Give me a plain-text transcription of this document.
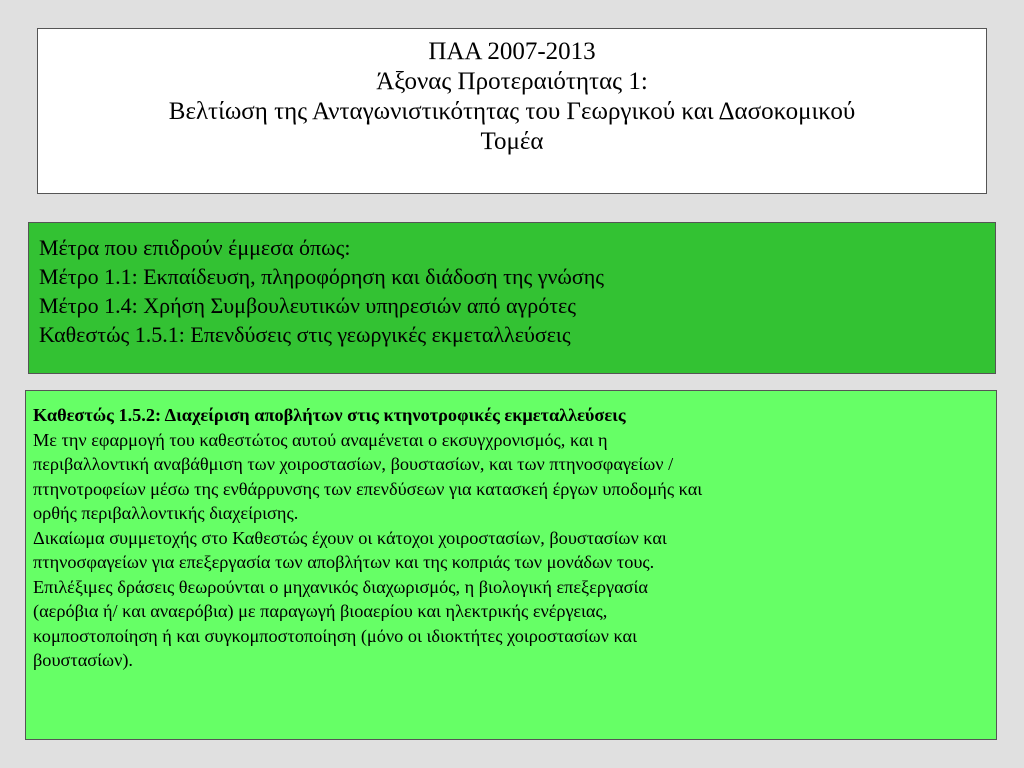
ΠΑΑ 2007-2013
Άξονας Προτεραιότητας 1:
Βελτίωση της Ανταγωνιστικότητας του Γεωργικού και Δασοκομικού
Τομέα
Μέτρα που επιδρούν έμμεσα όπως:
Μέτρο 1.1: Εκπαίδευση, πληροφόρηση και διάδοση της γνώσης
Μέτρο 1.4: Χρήση Συμβουλευτικών υπηρεσιών από αγρότες
Καθεστώς 1.5.1: Επενδύσεις στις γεωργικές εκμεταλλεύσεις
Καθεστώς 1.5.2: Διαχείριση αποβλήτων στις κτηνοτροφικές εκμεταλλεύσεις
Με την εφαρμογή του καθεστώτος αυτού αναμένεται ο εκσυγχρονισμός, και η
περιβαλλοντική αναβάθμιση των χοιροστασίων, βουστασίων, και των πτηνοσφαγείων /
πτηνοτροφείων μέσω της ενθάρρυνσης των επενδύσεων για κατασκεή έργων υποδομής και
ορθής περιβαλλοντικής διαχείρισης.
Δικαίωμα συμμετοχής στο Καθεστώς έχουν οι κάτοχοι χοιροστασίων, βουστασίων και
πτηνοσφαγείων για επεξεργασία των αποβλήτων και της κοπριάς των μονάδων τους.
Επιλέξιμες δράσεις θεωρούνται ο μηχανικός διαχωρισμός, η βιολογική επεξεργασία
(αερόβια ή/ και αναερόβια) με παραγωγή βιοαερίου και ηλεκτρικής ενέργειας,
κομποστοποίηση ή και συγκομποστοποίηση (μόνο οι ιδιοκτήτες χοιροστασίων και
βουστασίων).
